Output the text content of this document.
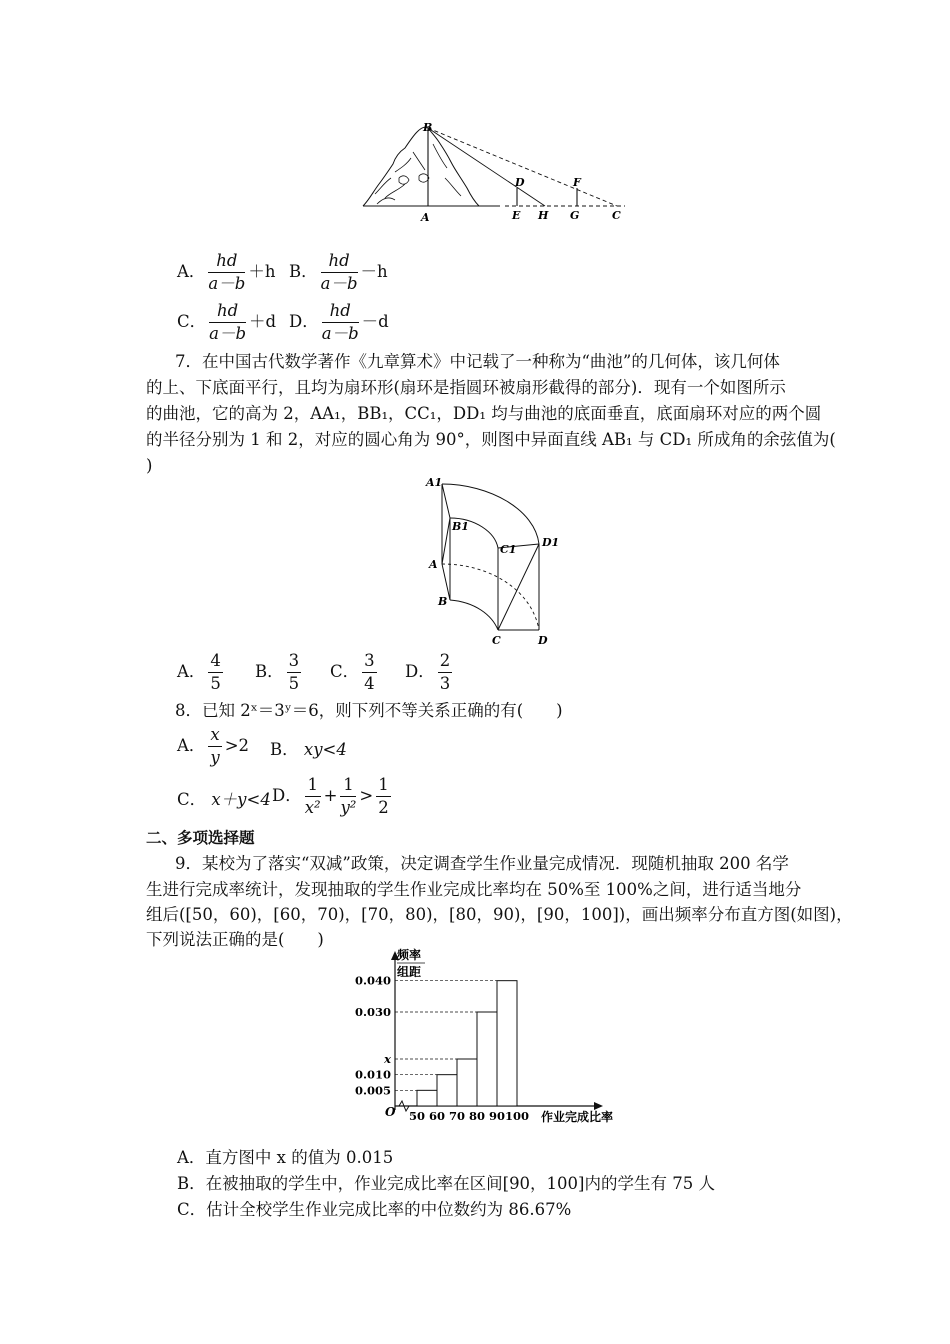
B
A
D	F
E H G	C
A． $\frac{hd}{a-b} +h$ B． $\frac{hd}{a-b} -h$
C． $\frac{hd}{a-b} +d$ D． $\frac{hd}{a-b} -d$
7．在中国古代数学著作《九章算术》中记载了一种称为“曲池”的几何体，该几何体
的上、下底面平行，且均为扇环形(扇环是指圆环被扇形截得的部分)．现有一个如图所示
的曲池，它的高为 2，AA₁，BB₁，CC₁，DD₁ 均与曲池的底面垂直，底面扇环对应的两个圆
的半径分别为 1 和 2，对应的圆心角为 90°，则图中异面直线 AB₁ 与 CD₁ 所成角的余弦值为(
)
A1
B1
C1
D1
A
B
C	D
A． $\frac{4}{5}$ B． $\frac{3}{5}$ C． $\frac{3}{4}$ D． $\frac{2}{3}$
8．已知 2ˣ＝3ʸ＝6，则下列不等关系正确的有(　　)
A． $\frac{x}{y} >2$ B． xy<4
C． x＋y<4 D． $\frac{1}{\text{x²}} + \frac{1}{\text{y²}} > \frac{1}{2}$
二、多项选择题
9．某校为了落实“双减”政策，决定调查学生作业量完成情况．现随机抽取 200 名学
生进行完成率统计，发现抽取的学生作业完成比率均在 50%至 100%之间，进行适当地分
组后([50，60)，[60，70)，[70，80)，[80，90)，[90，100])，画出频率分布直方图(如图)，
下列说法正确的是(　　)
频率
组距
O	作业完成比率
0.005
0.010
x
0.030
0.040
50 60 70 80 90 100
A．直方图中 x 的值为 0.015
B．在被抽取的学生中，作业完成比率在区间[90，100]内的学生有 75 人
C．估计全校学生作业完成比率的中位数约为 86.67%
